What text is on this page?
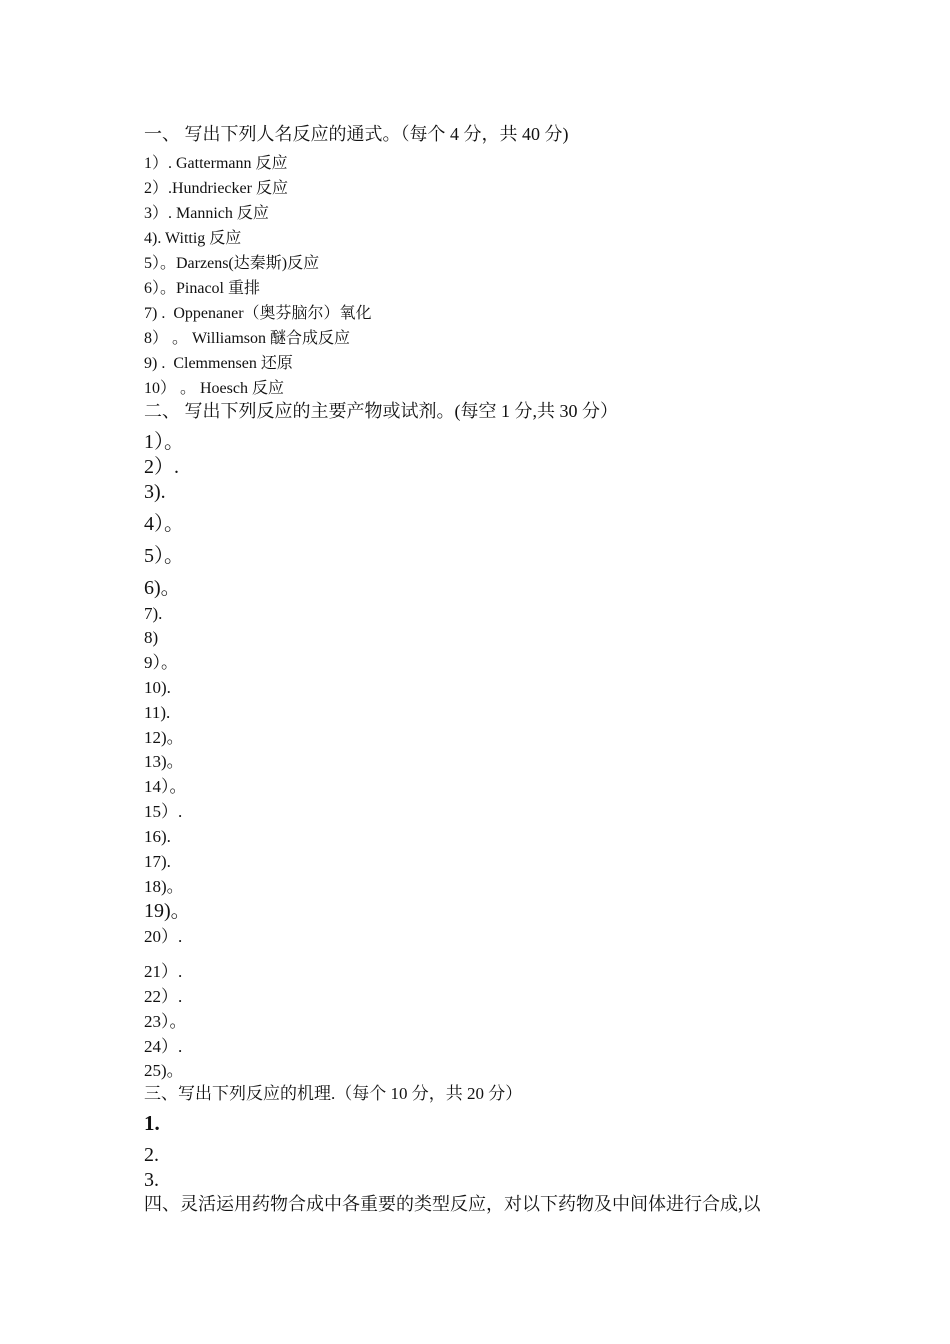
一、 写出下列人名反应的通式。（每个 4 分，共 40 分)
1）. Gattermann 反应
2）.Hundriecker 反应
3）. Mannich 反应
4). Wittig 反应
5）。Darzens(达秦斯)反应
6）。Pinacol 重排
7) .  Oppenaner（奥芬脑尔）氧化
8） 。 Williamson 醚合成反应
9) .  Clemmensen 还原
10） 。 Hoesch 反应
二、 写出下列反应的主要产物或试剂。(每空 1 分,共 30 分）
1）。
2）.
3).
4）。
5）。
6)。
7).
8)
9）。
10).
11).
12)。
13)。
14）。
15）.
16).
17).
18)。
19)。
20）.
21）.
22）.
23）。
24）.
25)。
三、写出下列反应的机理.（每个 10 分，共 20 分）
1.
2.
3.
四、灵活运用药物合成中各重要的类型反应，对以下药物及中间体进行合成,以
